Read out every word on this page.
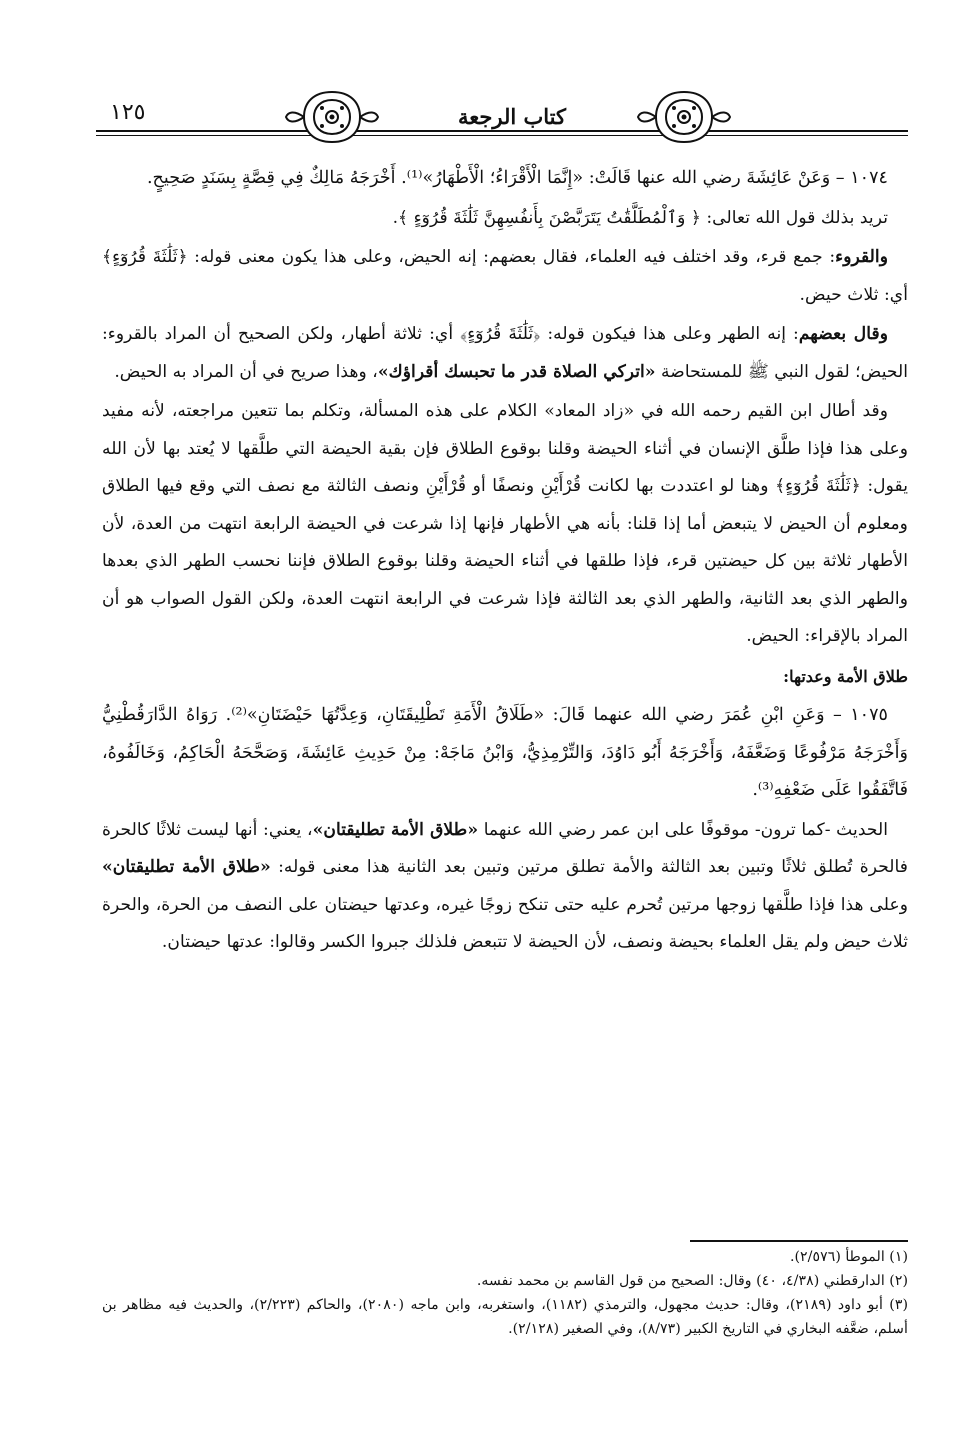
كتاب الرجعة
١٢٥

١٠٧٤ – وَعَنْ عَائِشَةَ رضي الله عنها قَالَتْ: «إِنَّمَا الْأَقْرَاءُ؛ الْأَطْهَارُ»⁽¹⁾. أَخْرَجَهُ مَالِكٌ فِي قِصَّةٍ بِسَنَدٍ صَحِيحٍ.

تريد بذلك قول الله تعالى: ﴿ وَٱلْمُطَلَّقَٰتُ يَتَرَبَّصْنَ بِأَنفُسِهِنَّ ثَلَٰثَةَ قُرُوٓءٍ ﴾.

والقروء: جمع قرء، وقد اختلف فيه العلماء، فقال بعضهم: إنه الحيض، وعلى هذا يكون معنى قوله: ﴿ثَلَٰثَةَ قُرُوٓءٍ﴾ أي: ثلاث حيض.

وقال بعضهم: إنه الطهر وعلى هذا فيكون قوله: ﴿ثَلَٰثَةَ قُرُوٓءٍ﴾ أي: ثلاثة أطهار، ولكن الصحيح أن المراد بالقروء: الحيض؛ لقول النبي ﷺ للمستحاضة «اتركي الصلاة قدر ما تحبسك أقراؤك»، وهذا صريح في أن المراد به الحيض.

وقد أطال ابن القيم رحمه الله في «زاد المعاد» الكلام على هذه المسألة، وتكلم بما تتعين مراجعته، لأنه مفيد وعلى هذا فإذا طلَّق الإنسان في أثناء الحيضة وقلنا بوقوع الطلاق فإن بقية الحيضة التي طلَّقها لا يُعتد بها لأن الله يقول: ﴿ثَلَٰثَةَ قُرُوٓءٍ﴾ وهنا لو اعتددت بها لكانت قُرْأَيْنِ ونصفًا أو قُرْأَيْنِ ونصف الثالثة مع نصف التي وقع فيها الطلاق ومعلوم أن الحيض لا يتبعض أما إذا قلنا: بأنه هي الأطهار فإنها إذا شرعت في الحيضة الرابعة انتهت من العدة، لأن الأطهار ثلاثة بين كل حيضتين قرء، فإذا طلقها في أثناء الحيضة وقلنا بوقوع الطلاق فإننا نحسب الطهر الذي بعدها والطهر الذي بعد الثانية، والطهر الذي بعد الثالثة فإذا شرعت في الرابعة انتهت العدة، ولكن القول الصواب هو أن المراد بالإقراء: الحيض.

طلاق الأمة وعدتها:

١٠٧٥ – وَعَنِ ابْنِ عُمَرَ رضي الله عنهما قَالَ: «طَلَاقُ الْأَمَةِ تَطْلِيقَتَانِ، وَعِدَّتُهَا حَيْضَتَانِ»⁽²⁾. رَوَاهُ الدَّارَقُطْنِيُّ وَأَخْرَجَهُ مَرْفُوعًا وَضَعَّفَهُ، وَأَخْرَجَهُ أَبُو دَاوُدَ، وَالتِّرْمِذِيُّ، وَابْنُ مَاجَهْ: مِنْ حَدِيثِ عَائِشَةَ، وَصَحَّحَهُ الْحَاكِمُ، وَخَالَفُوهُ، فَاتَّفَقُوا عَلَى ضَعْفِهِ⁽³⁾.

الحديث -كما ترون- موقوفًا على ابن عمر رضي الله عنهما «طلاق الأمة تطليقتان»، يعني: أنها ليست ثلاثًا كالحرة فالحرة تُطلق ثلاثًا وتبين بعد الثالثة والأمة تطلق مرتين وتبين بعد الثانية هذا معنى قوله: «طلاق الأمة تطليقتان» وعلى هذا فإذا طلَّقها زوجها مرتين تُحرم عليه حتى تنكح زوجًا غيره، وعدتها حيضتان على النصف من الحرة، والحرة ثلاث حيض ولم يقل العلماء بحيضة ونصف، لأن الحيضة لا تتبعض فلذلك جبروا الكسر وقالوا: عدتها حيضتان.

(١) الموطأ (٢/٥٧٦).
(٢) الدارقطني (٤/٣٨، ٤٠) وقال: الصحيح من قول القاسم بن محمد نفسه.
(٣) أبو داود (٢١٨٩)، وقال: حديث مجهول، والترمذي (١١٨٢)، واستغربه، وابن ماجه (٢٠٨٠)، والحاكم (٢/٢٢٣)، والحديث فيه مظاهر بن أسلم، ضعَّفه البخاري في التاريخ الكبير (٨/٧٣)، وفي الصغير (٢/١٢٨).
